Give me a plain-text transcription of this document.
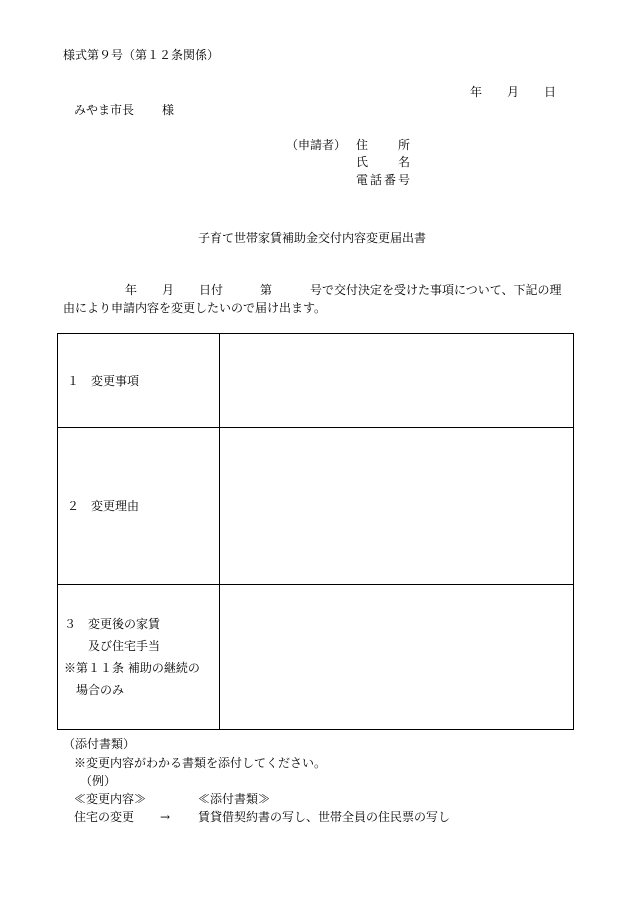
様式第９号（第１２条関係）
年 月 日
みやま市長 様
（申請者） 住 所
氏 名
電話番号
子育て世帯家賃補助金交付内容変更届出書
年 月 日付	第	号で交付決定を受けた事項について、下記の理
由により申請内容を変更したいので届け出ます。
１　変更事項	

２　変更理由	

３　変更後の家賃
　　及び住宅手当
※第１１条 補助の継続の
　場合のみ	

（添付書類）
※変更内容がわかる書類を添付してください。
（例）
≪変更内容≫	≪添付書類≫
住宅の変更 → 賃貸借契約書の写し、世帯全員の住民票の写し
